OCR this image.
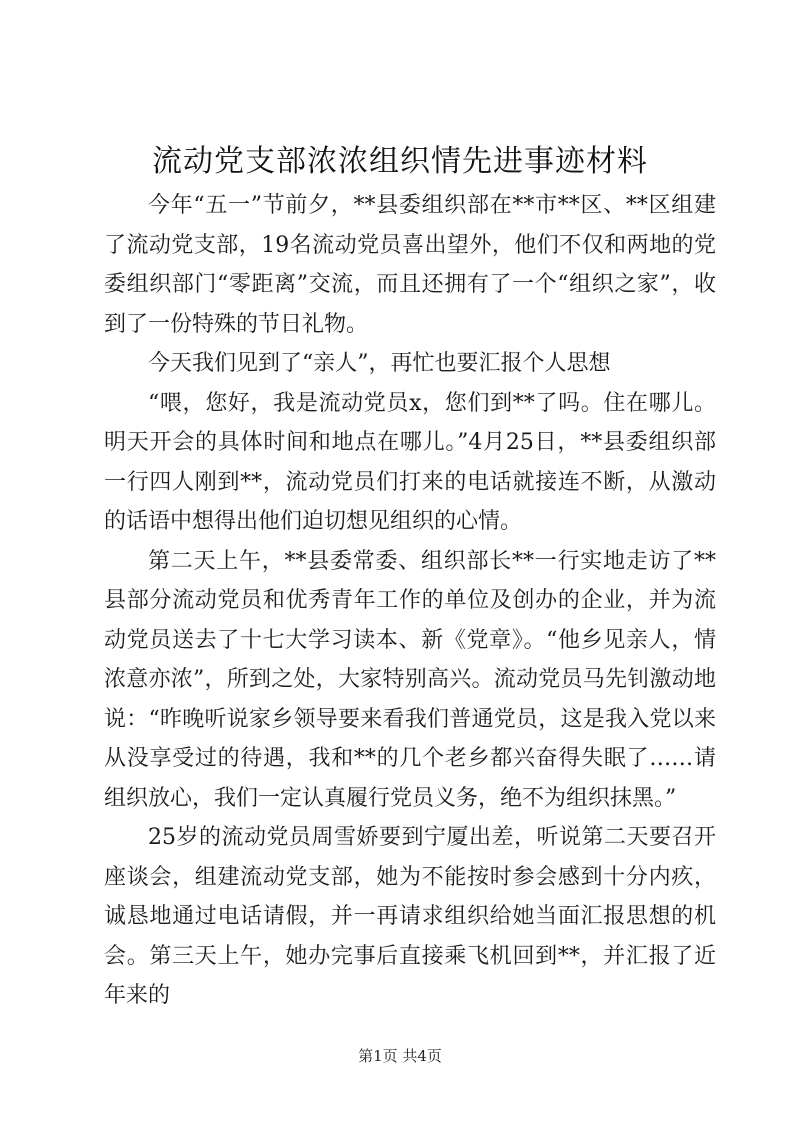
流动党支部浓浓组织情先进事迹材料

今年“五一”节前夕，**县委组织部在**市**区、**区组建了流动党支部，19名流动党员喜出望外，他们不仅和两地的党委组织部门“零距离”交流，而且还拥有了一个“组织之家”，收到了一份特殊的节日礼物。

今天我们见到了“亲人”，再忙也要汇报个人思想

“喂，您好，我是流动党员x，您们到**了吗。住在哪儿。明天开会的具体时间和地点在哪儿。”4月25日，**县委组织部一行四人刚到**，流动党员们打来的电话就接连不断，从激动的话语中想得出他们迫切想见组织的心情。

第二天上午，**县委常委、组织部长**一行实地走访了**县部分流动党员和优秀青年工作的单位及创办的企业，并为流动党员送去了十七大学习读本、新《党章》。“他乡见亲人，情浓意亦浓”，所到之处，大家特别高兴。流动党员马先钊激动地说：“昨晚听说家乡领导要来看我们普通党员，这是我入党以来从没享受过的待遇，我和**的几个老乡都兴奋得失眠了……请组织放心，我们一定认真履行党员义务，绝不为组织抹黑。”

25岁的流动党员周雪娇要到宁厦出差，听说第二天要召开座谈会，组建流动党支部，她为不能按时参会感到十分内疚，诚恳地通过电话请假，并一再请求组织给她当面汇报思想的机会。第三天上午，她办完事后直接乘飞机回到**，并汇报了近年来的

第1页 共4页
